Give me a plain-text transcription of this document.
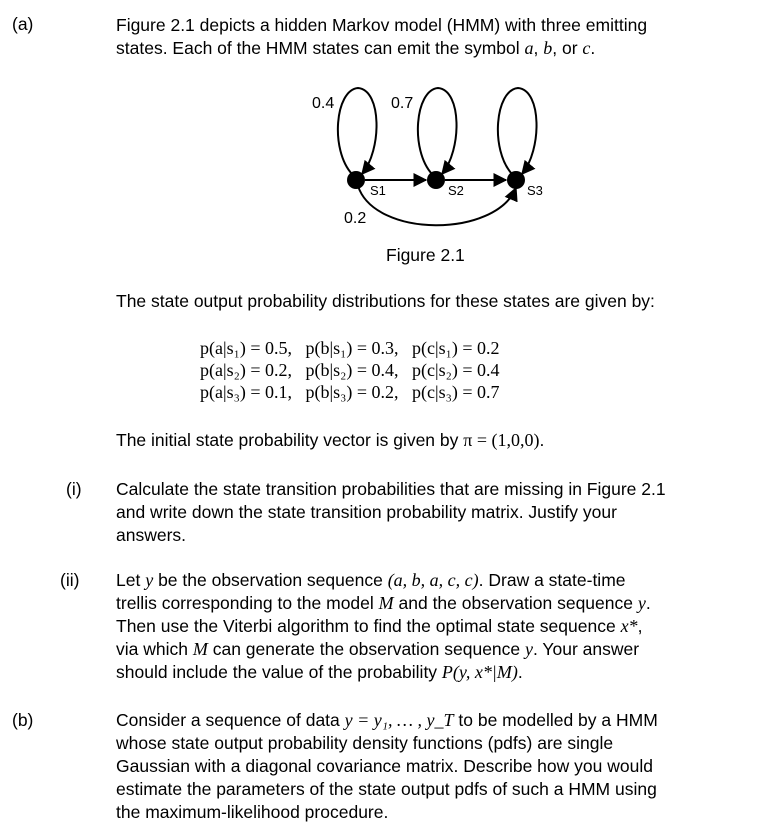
(a)
(i)
(ii)
(b)
Figure 2.1 depicts a hidden Markov model (HMM) with three emitting
states. Each of the HMM states can emit the symbol a, b, or c.
0.4	0.7
0.2
S1	S2	S3
Figure 2.1
The state output probability distributions for these states are given by:
p(a|s₁) = 0.5,   p(b|s₁) = 0.3,   p(c|s₁) = 0.2
p(a|s₂) = 0.2,   p(b|s₂) = 0.4,   p(c|s₂) = 0.4
p(a|s₃) = 0.1,   p(b|s₃) = 0.2,   p(c|s₃) = 0.7
The initial state probability vector is given by π = (1,0,0).
Calculate the state transition probabilities that are missing in Figure 2.1
and write down the state transition probability matrix. Justify your
answers.
Let y be the observation sequence (a, b, a, c, c). Draw a state-time
trellis corresponding to the model M and the observation sequence y.
Then use the Viterbi algorithm to find the optimal state sequence x*,
via which M can generate the observation sequence y. Your answer
should include the value of the probability P(y, x*|M).
Consider a sequence of data y = y₁, … , y_T to be modelled by a HMM
whose state output probability density functions (pdfs) are single
Gaussian with a diagonal covariance matrix. Describe how you would
estimate the parameters of the state output pdfs of such a HMM using
the maximum-likelihood procedure.
